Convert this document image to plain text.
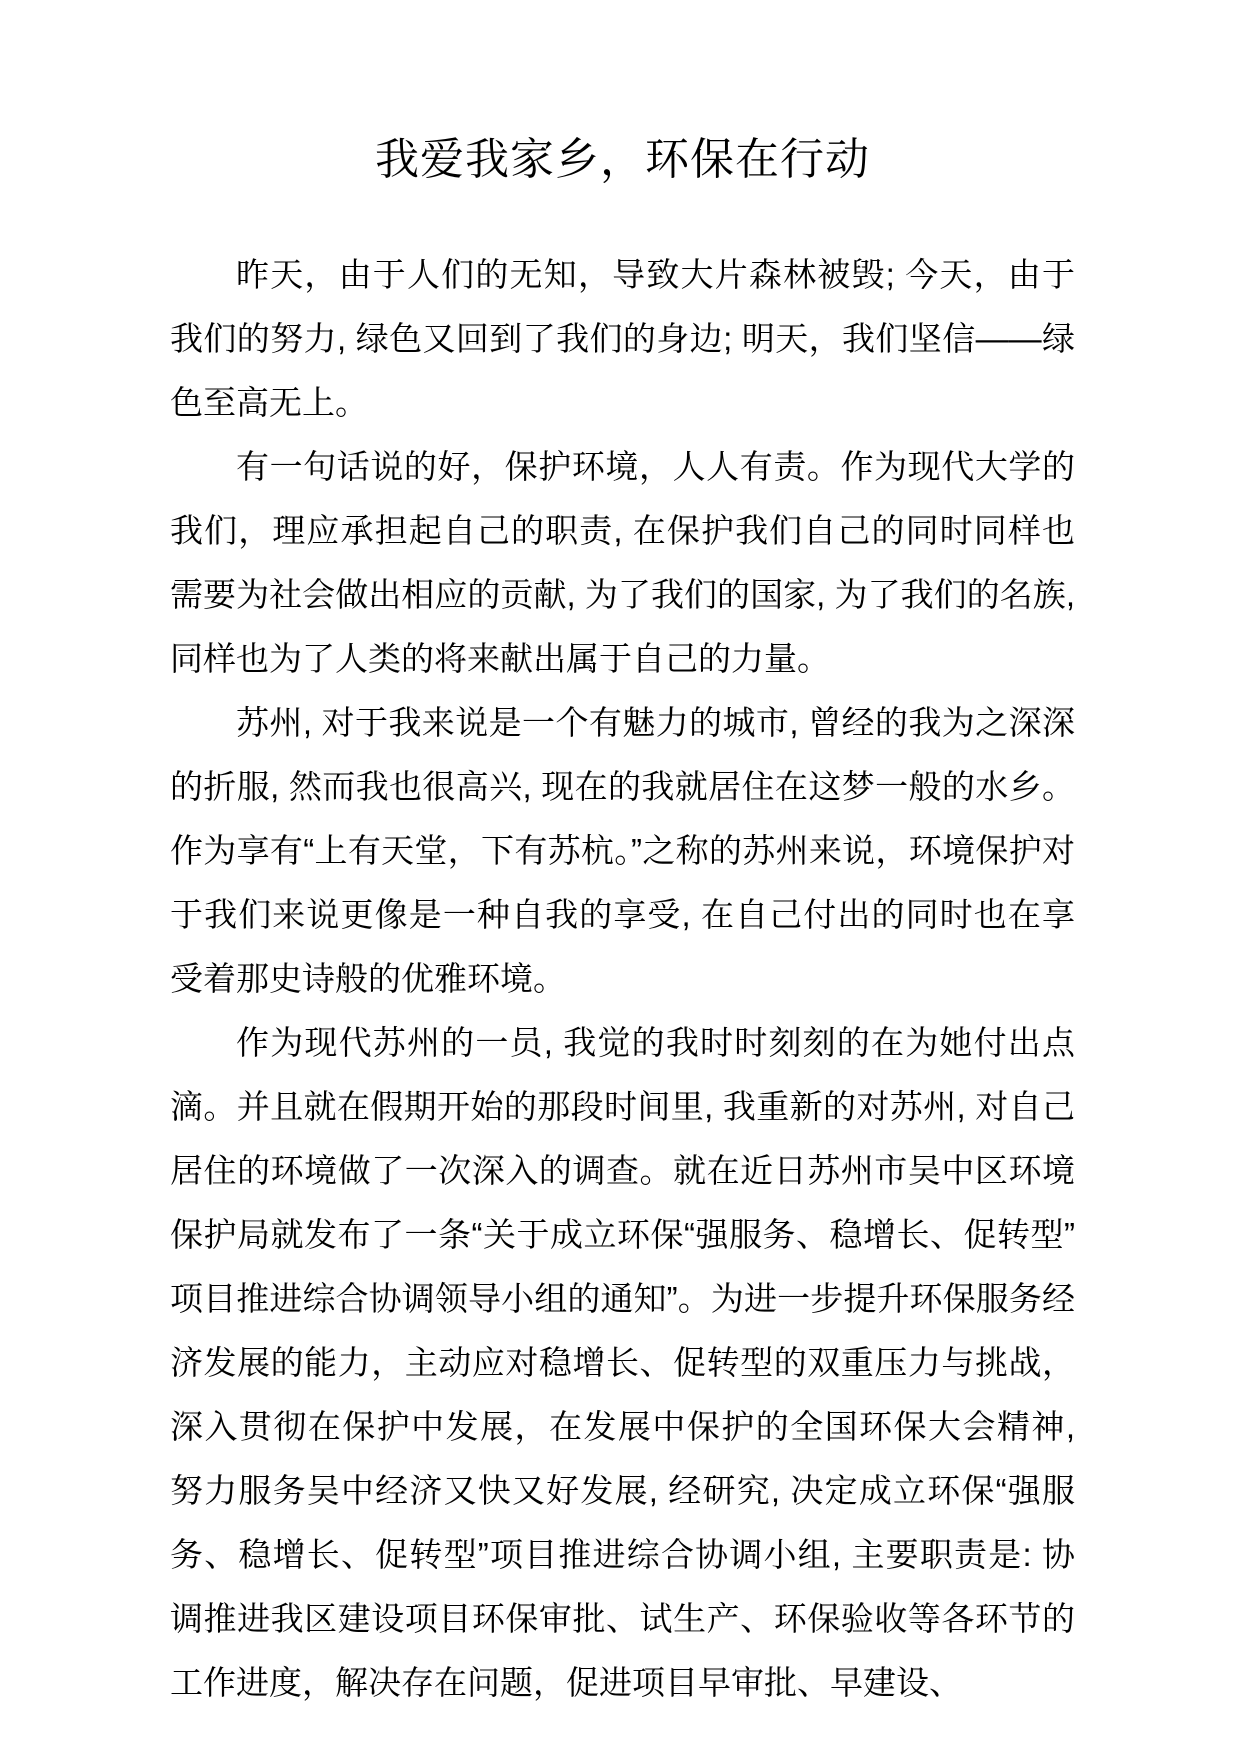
我爱我家乡，环保在行动

昨天，由于人们的无知，导致大片森林被毁; 今天，由于我们的努力, 绿色又回到了我们的身边; 明天，我们坚信——绿色至高无上。

有一句话说的好，保护环境，人人有责。作为现代大学的我们，理应承担起自己的职责, 在保护我们自己的同时同样也需要为社会做出相应的贡献, 为了我们的国家, 为了我们的名族, 同样也为了人类的将来献出属于自己的力量。

苏州, 对于我来说是一个有魅力的城市, 曾经的我为之深深的折服, 然而我也很高兴, 现在的我就居住在这梦一般的水乡。作为享有“上有天堂，下有苏杭。”之称的苏州来说，环境保护对于我们来说更像是一种自我的享受, 在自己付出的同时也在享受着那史诗般的优雅环境。

作为现代苏州的一员, 我觉的我时时刻刻的在为她付出点滴。并且就在假期开始的那段时间里, 我重新的对苏州, 对自己居住的环境做了一次深入的调查。就在近日苏州市吴中区环境保护局就发布了一条“关于成立环保“强服务、稳增长、促转型”项目推进综合协调领导小组的通知”。为进一步提升环保服务经济发展的能力，主动应对稳增长、促转型的双重压力与挑战，深入贯彻在保护中发展，在发展中保护的全国环保大会精神, 努力服务吴中经济又快又好发展, 经研究, 决定成立环保“强服务、稳增长、促转型”项目推进综合协调小组, 主要职责是: 协调推进我区建设项目环保审批、试生产、环保验收等各环节的工作进度，解决存在问题，促进项目早审批、早建设、
